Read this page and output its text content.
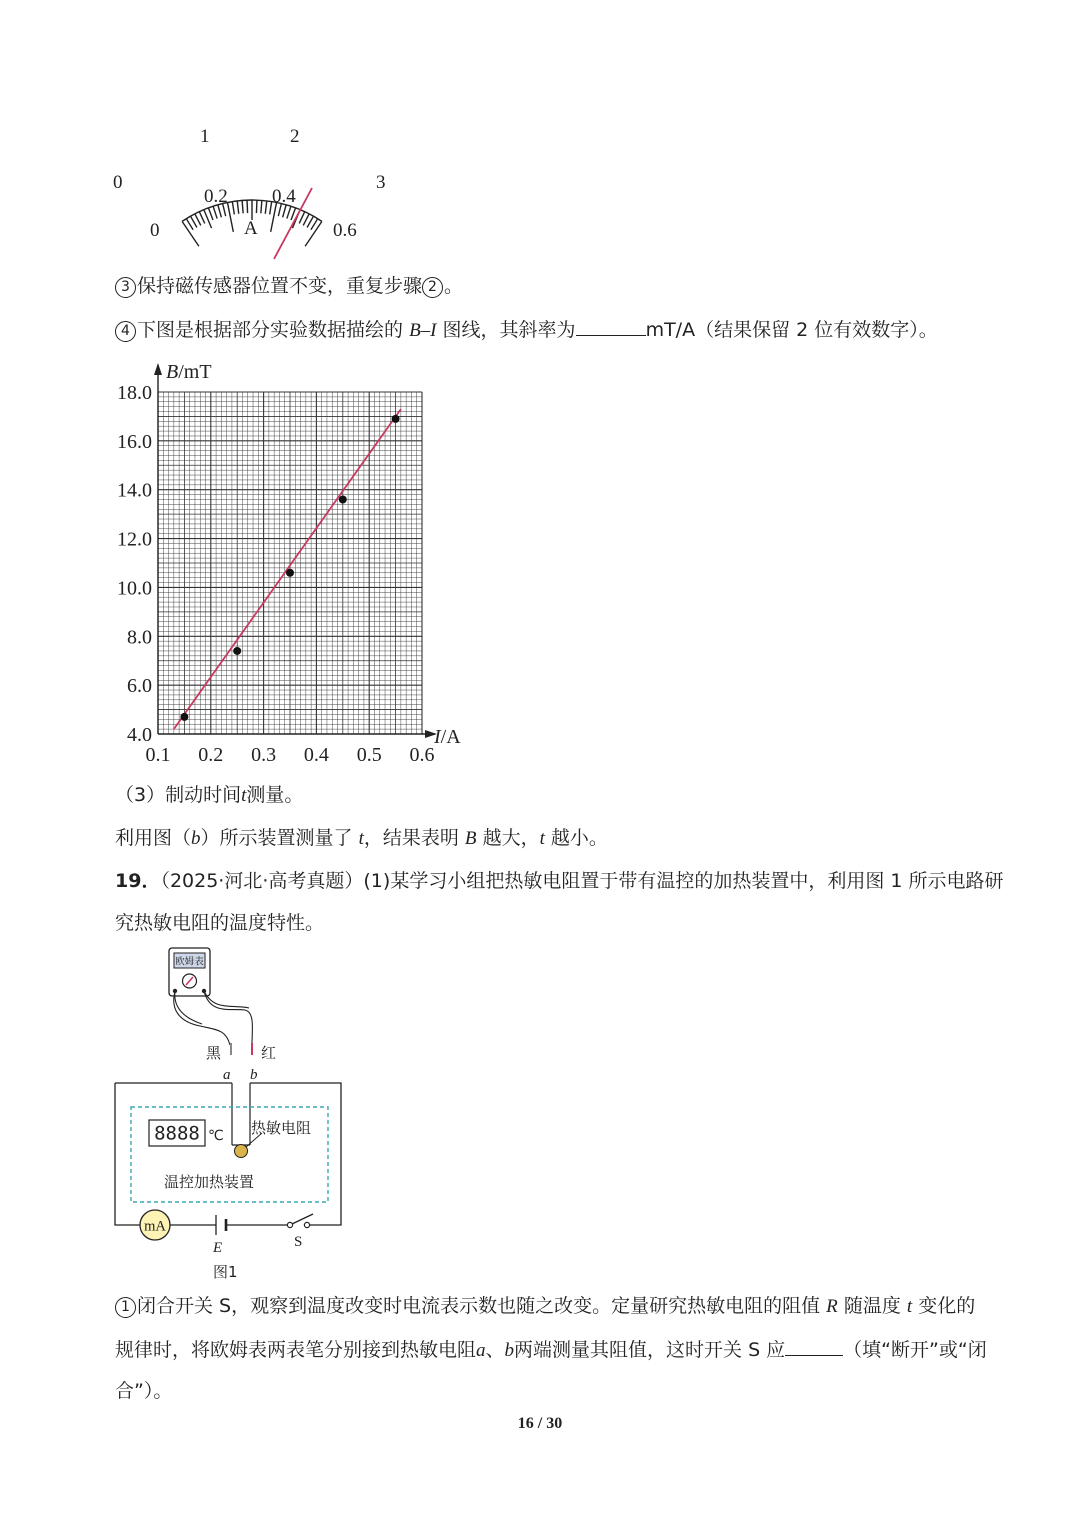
0
1	2
3
0
0.2 0.4
0.6
A
3 保持磁传感器位置不变，重复步骤 2 。
4 下图是根据部分实验数据描绘的 B–I 图线，其斜率为	mT/A（结果保留 2 位有效数字）。
4.0
6.0
8.0
10.0
12.0
14.0
16.0
18.0
0.1 0.2 0.3 0.4 0.5 0.6
B/mT
I/A
（3）制动时间t测量。
利用图（b）所示装置测量了 t，结果表明 B 越大，t 越小。
19．（2025·河北·高考真题）(1)某学习小组把热敏电阻置于带有温控的加热装置中，利用图 1 所示电路研
究热敏电阻的温度特性。
欧姆表
黑	红
a b
8888 ℃ 热敏电阻
温控加热装置
mA
E	S
图1
1 闭合开关 S，观察到温度改变时电流表示数也随之改变。定量研究热敏电阻的阻值 R 随温度 t 变化的
规律时，将欧姆表两表笔分别接到热敏电阻a、b两端测量其阻值，这时开关 S 应	（填“断开”或“闭
合”）。
16 / 30
